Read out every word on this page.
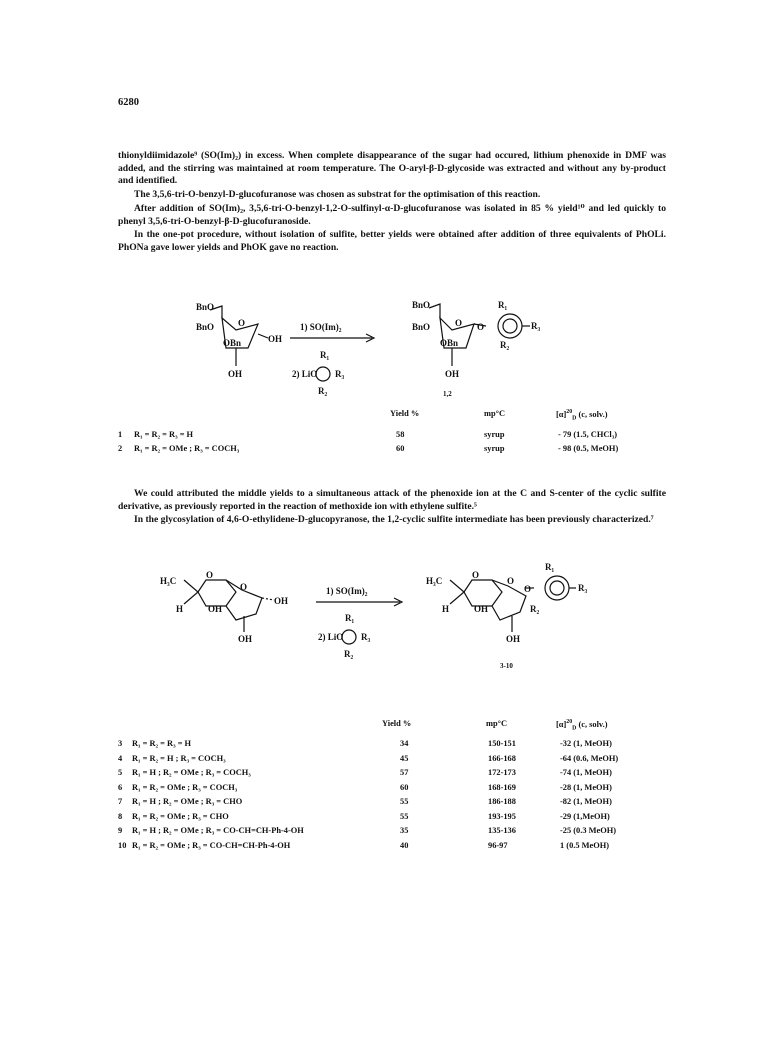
6280

thionyldiimidazole⁹ (SO(Im)₂) in excess. When complete disappearance of the sugar had occured, lithium phenoxide in DMF was added, and the stirring was maintained at room temperature. The O-aryl-β-D-glycoside was extracted and without any by-product and identified.

The 3,5,6-tri-O-benzyl-D-glucofuranose was chosen as substrat for the optimisation of this reaction.

After addition of SO(Im)₂, 3,5,6-tri-O-benzyl-1,2-O-sulfinyl-α-D-glucofuranose was isolated in 85 % yield¹⁰ and led quickly to phenyl 3,5,6-tri-O-benzyl-β-D-glucofuranoside.

In the one-pot procedure, without isolation of sulfite, better yields were obtained after addition of three equivalents of PhOLi. PhONa gave lower yields and PhOK gave no reaction.

BnO
BnO	O
OH
OBn
OH
1) SO(Im)₂
R₁
2) LiO R₃
R₂
BnO
BnO	O
OBn
OH
O
R₁
R₃
R₂
1,2
Yield %	mp°C	$[\alpha]^{20}_D$ (c, solv.)
1 R₁ = R₂ = R₃ = H	58	syrup	- 79 (1.5, CHCl₃)
2 R₁ = R₂ = OMe ; R₃ = COCH₃	60	syrup	- 98 (0.5, MeOH)

We could attributed the middle yields to a simultaneous attack of the phenoxide ion at the C and S-center of the cyclic sulfite derivative, as previously reported in the reaction of methoxide ion with ethylene sulfite.⁵

In the glycosylation of 4,6-O-ethylidene-D-glucopyranose, the 1,2-cyclic sulfite intermediate has been previously characterized.⁷

H₃C
O
O
H	OH
OH
OH
1) SO(Im)₂
R₁
2) LiO R₃
R₂
H₃C
O
O
H	OH
OH
O
R₁
R₃
R₂
3-10
Yield %	mp°C	$[\alpha]^{20}_D$ (c, solv.)
3 R₁ = R₂ = R₃ = H	34	150-151	-32 (1, MeOH)
4 R₁ = R₂ = H ; R₃ = COCH₃	45	166-168	-64 (0.6, MeOH)
5 R₁ = H ; R₂ = OMe ; R₃ = COCH₃	57	172-173	-74 (1, MeOH)
6 R₁ = R₂ = OMe ; R₃ = COCH₃	60	168-169	-28 (1, MeOH)
7 R₁ = H ; R₂ = OMe ; R₃ = CHO	55	186-188	-82 (1, MeOH)
8 R₁ = R₂ = OMe ; R₃ = CHO	55	193-195	-29 (1,MeOH)
9 R₁ = H ; R₂ = OMe ; R₃ = CO-CH=CH-Ph-4-OH	35	135-136	-25 (0.3 MeOH)
10 R₁ = R₂ = OMe ; R₃ = CO-CH=CH-Ph-4-OH	40	96-97	1 (0.5 MeOH)
